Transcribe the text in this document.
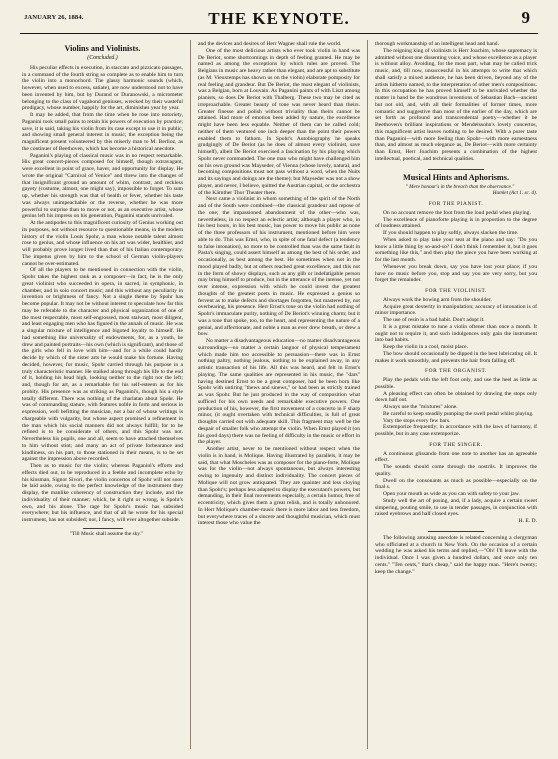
JANUARY 26, 1884.	THE KEYNOTE.	9
Violins and Violinists.
(Concluded.)

His peculiar effects in execution, in staccato and pizzicato passages, in a command of the fourth string so complete as to enable him to turn the violin into a monochord. The glassy harmonic sounds (which, however, when used to excess, satiate), are now understood not to have been invented by him, but by Durand or Duranowski, a micrometer belonging to the class of vagabond geniuses, wrecked by their wasteful prodigacy, whose number, happily for the art, diminishes year by year.

It may be added, that from the time when he rose into notoriety, Paganini took small pains to retain his powers of execution by practice; save, it is said, taking his violin from its case except to use it in public, and showing small general interest in music; the exception being the magnificent present volunteered by this miserly man to M. Berlioz, as the continuer of Beethoven, which has become a historical anecdote.

Paganini's playing of classical music was in no respect remarkable. His great concert-pieces composed for himself, though extravagant, were excellent in point of grace, haver, and opportunity for display. He wrote the original "Carnival of Venice" and threw into the changes of that insignificant ground an amount of whim, contrast, and reckless gayety (costume, almost, one might say), impossible to forget. To sum up, whether his strength was that of health or fever, whether his taste was always unimpeachable or the reverse, whether he was more powerful to surprise than to move or not, as an executive artist, whose genius left his impress on his generation, Paganini stands unrivaled.

At the antipodes to this magnificent curiosity of Genius working out its purposes, not without resource to questionable means, in the modern history of the violin Louis Spohr, a man whose notable talent almost rose to genius, and whose influence on his art was wider, healthier, and will probably prove longer lived than that of his Italian contemporary. The impetus given by him to the school of German violin-players cannot be over-estimated.

Of all the players to be mentioned in connection with the violin, Spohr takes the highest rank as a composer—in fact, he is the only great violinist who succeeded in opera, in sacred, in symphonic, in chamber, and in solo concert music; and this without any peculiarity in invention or brightness of fancy. Not a single theme by Spohr has become popular. It may not be without interest to speculate how far this may be referable to the character and physical organization of one of the most respectable, most self-engrossed, most stalwart, most diligent, and least engaging men who has figured in the annals of music. He was a singular mixture of intelligence and bigoted loyalty to himself. He had something like universality of endowments, for, as a youth, he drew and painted portraits—his own (which is significant), and those of the girls who fell in love with him—and for a while could hardly decide by which of the sister arts he would make his fortune. Having decided, however, for music, Spohr carried through his purpose in a truly characteristic manner. He stalked along through his life to the end of it, holding his head high, looking neither to the right nor the left; and, though for art, as a remarkable for his self-esteem as for his probity. His presence was as striking as Paganini's, though his a style totally different. There was nothing of the charlatan about Spohr. He was of commanding stature, with features noble in form and serious in expression, well befitting the musician, not a bar of whose writings is chargeable with vulgarity, but whose aspect promised a refinement in the man which his social manners did not always fulfill; for to be refined is to be considerate of others, and this Spohr was not. Nevertheless his pupils, one and all, seem to have attached themselves to him without stint; and many an act of private forbearance and kindliness, on his part, to those stationed in their means, is to be set against the impression above recorded.

Then as to music for the violin; whereas Paganini's efforts and effects died out, to be reproduced in a feeble and incomplete echo by his kinsman, Signor Sivori, the violin concertos of Spohr will not soon be laid aside, owing to the perfect knowledge of the instrument they display, the manlike coherency of construction they include, and the individuality of their manner; which, be it right or wrong, is Spohr's own, and his alone. The rage for Spohr's music has subsided everywhere; but his influence, and that of all he wrote for his special instrument, has not subsided; nor, I fancy, will ever altogether subside.

"Till Music shall assume the sky."

and the devices and desires of Herr Wagner shall rule the world.

One of the most delicious artists who ever took violin in hand was De Beriot, some shortcomings in depth of feeling granted. He may be named as among the exceptions by which rules are proved. The Belgians in music are heavy rather than elegant, and are apt to substitute (as M. Vieuxtemps has shown us on the violin) elaborate pomposity for real feeling and grandeur. But De Beriot, the most elegant of violinists, was a Belgian, born at Louvain. As Paganini paints of with Liszt among pianists, so does De Beriot with Thalberg. These two may be cited as irreproachable. Greater beauty of tone was never heard than theirs. Greater finesse and polish without triviality than theirs cannot be attained. Had more of emotion been added by nature, the excellence might have been less equable. Neither of them can be called cold; neither of them ventured one inch deeper than the point their powers enabled them to fathom. In Spohr's Autobiography he speaks grudgingly of De Beriot (as he does of almost every violinist, save himself), albeit De Beriot exercised a fascination by his playing which Spohr never commanded. The one man who might have challenged him on his own ground was Mayseder, of Vienna (whose lovely, natural, and becoming compositions must not pass without a word, when the Nuits and its sayings and doings are the theme); but Mayseder was not a show player, and never, I believe, quitted the Austrian capital, or the orchestra of the Kärnther Thor Theater there.

Next came a violinist in whom something of the spirit of the North and of the South were combined—the classical grandeur and repose of the one; the impassioned abandonment of the other—who was, nevertheless, in no respect an eclectic artist; although a player who, in his best hours, in his best music, has power to move his public as none of the three professors of his instrument, mentioned before him were able to do. This was Ernst, who, in spite of one fatal defect (a tendency to false intonation), no more to be controlled than was the same fault in Pasta's singing, could assert himself as among the best of his order, and occasionally, as best among the best. He sometimes when not in the mood played badly, but at others reached great excellence, and this not in the form of showy displays, such as any glib or indefatigable person may bring himself to produce, but in the utterance of the intense, yet not over intense, expression with which he could invest the greatest thoughts of the greatest poets in music. He expressed a genius so fervent as to make defects and shortages forgotten, but mastered by, not overbearing, his presence. Herr Ernst's tone on the violin had nothing of Spohr's immaculate purity, nothing of De Beriot's winning charm; but it was a tone that spoke, too, to the heart, and representing the nature of a genial, and affectionate, and noble a man as ever drew breath, or drew a bow.

No matter a disadvantageous education—no matter disadvantageous surroundings—no matter a certain languor of physical temperament which made him too accessible to persuasion—there was in Ernst nothing paltry, nothing jealous, nothing to be explained away, in any artistic transaction of his life. All this was heard, and felt in Ernst's playing. The same qualities are represented in his music, the "dars" having destined Ernst to be a great composer, had he been born like Spohr with untiring "thews and sinews," or had been as strictly trained as was Spohr. But he just produced in the way of composition what sufficed for his own needs and remarkable executive powers. One production of his, however, the first movement of a concerto in F sharp minor, (it ought overtaken with technical difficulties, is full of great thoughts carried out with adequate skill. This fragment may well be the despair of smaller folk who attempt the violin. When Ernst played it (on his good days) there was no feeling of difficulty in the music or effort in the player.

Another artist, never to be mentioned without respect when the violin is in hand, is Molique. Having illustrated by parallels, it may be said, that what Moscheles was as composer for the piano-forte, Molique was for the violin—not always spontaneous, but always interesting owing to ingenuity and distinct individuality. The concert pieces of Molique will not grow antiquated. They are quainter and less cloying than Spohr's; perhaps less adapted to display the executant's powers, but demanding, in their final movements especially, a certain humor, free of eccentricity, which gives them a great relish, and is totally unhonored. In Herr Molique's chamber-music there is more labor and less freedom, but everywhere traces of a sincere and thoughtful musician, which must interest those who value the

thorough workmanship of an intelligent head and hand.

The reigning king of violinists is Herr Joachim, whose supremacy is admitted without one dissenting voice, and whose excellence as a player is without alloy. Avoiding, for the most part, what may be called trick music, and, till now, unsuccessful in his attempts to write that which shall satisfy a mixed audience, he has been driven, beyond any of the artists hitherto named, to the interpretation of other men's compositions. In this occupation he has proved himself to be unrivaled whether the matter in hand be the wondrous inventions of Sebastian Bach—ancient but not old, and, with all their formalities of former times, more romantic and suggestive than most of the earlier of the day, which are set forth as profound and transcendental poetry—whether it be Beethoven's brilliant inspirations or Mendelssohn's lovely concertos, this magnificent artist leaves nothing to be desired. With a purer taste than Paganini—with more feeling than Spohr—with more earnestness than, and almost as much elegance as, De Beriot—with more certainty than Ernst, Herr Joachim presents a combination of the highest intellectual, poetical, and technical qualities.

Musical Hints and Aphorisms.

" Mere honour's in the breach than the observance."

Hamlet (Act 1. sc. 4).

FOR THE PIANIST.

On no account remove the foot from the loud pedal when playing.

The excellence of pianoforte playing is in proportion to the degree of loudness attained.

If you should happen to play softly, always slacken the time.

When asked to play take your seat at the piano and say: "Do you know a little thing by so-and-so? I don't think I remember it, but it goes something like this," and then play the piece you have been working at for the last month.

Whenever you break down, say you have lost your place; if you have no music before you, stop and say you are very sorry, but you forget the remainder.

FOR THE VIOLINIST.

Always work the bowing arm from the shoulder.

Acquire great dexterity in manipulation; accuracy of intonation is of minor importance.

The use of resin is a bad habit. Don't adopt it.

It is a great mistake to tune a violin oftener than once a month. It ought not to require it, and such indulgences only gain the instrument into bad habits.

Keep the violin in a cool, moist place.

The bow should occasionally be dipped in the best lubricating oil. It makes it work smoothly, and prevents the hair from falling off.

FOR THE ORGANIST.

Play the pedals with the left foot only, and use the heel as little as possible.

A pleasing effect can often be obtained by drawing the stops only down half out.

Always use the "mixtures" alone.

Be careful to keep steadily pumping the swell pedal whilst playing.

Vary the stops every few bars.

Extemporize frequently; in accordance with the laws of harmony, if possible, but in any case extemporize.

FOR THE SINGER.

A continuous glissando from one note to another has an agreeable effect.

The sounds should come through the nostrils. It improves the quality.

Dwell on the consonants as much as possible—especially on the final s.

Open your mouth as wide as you can with safety to your jaw.

Study well the art of posing, and, if a lady, acquire a certain sweet simpering, pouting smile, to use in tender passages, in conjunction with raised eyebrows and half closed eyes.

H. E. D.

The following amusing anecdote is related concerning a clergyman who officiated at a church in New York. On the occasion of a certain wedding he was asked his terms and replied,—"Oh! I'll leave with the individual. Once I was given a hundred dollars, and once only ten cents." "Ten cents," that's cheap," said the happy man. "Here's twenty; keep the change."
